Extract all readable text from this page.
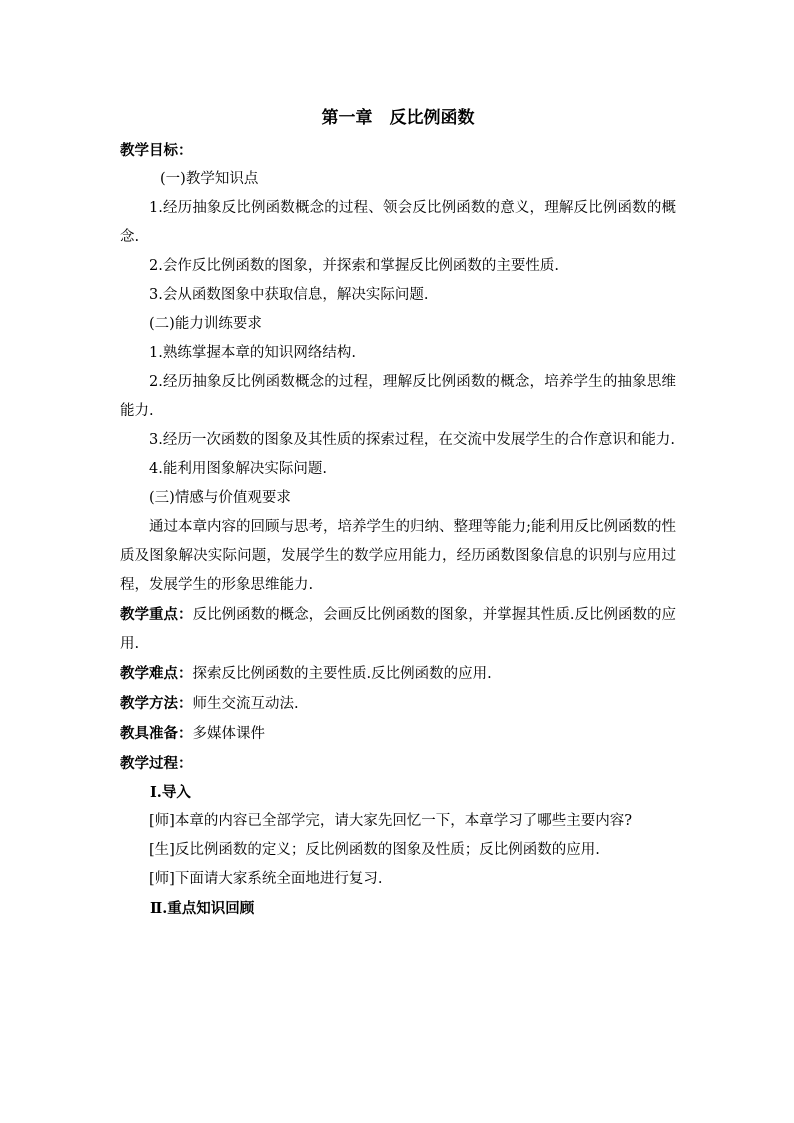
第一章　反比例函数

教学目标：

(一)教学知识点

1.经历抽象反比例函数概念的过程、领会反比例函数的意义，理解反比例函数的概念.

2.会作反比例函数的图象，并探索和掌握反比例函数的主要性质.

3.会从函数图象中获取信息，解决实际问题.

(二)能力训练要求

1.熟练掌握本章的知识网络结构.

2.经历抽象反比例函数概念的过程，理解反比例函数的概念，培养学生的抽象思维能力.

3.经历一次函数的图象及其性质的探索过程，在交流中发展学生的合作意识和能力.

4.能利用图象解决实际问题.

(三)情感与价值观要求

通过本章内容的回顾与思考，培养学生的归纳、整理等能力;能利用反比例函数的性质及图象解决实际问题，发展学生的数学应用能力，经历函数图象信息的识别与应用过程，发展学生的形象思维能力.

教学重点：反比例函数的概念，会画反比例函数的图象，并掌握其性质.反比例函数的应用.

教学难点：探索反比例函数的主要性质.反比例函数的应用.

教学方法：师生交流互动法.

教具准备：多媒体课件

教学过程：

Ⅰ.导入

[师]本章的内容已全部学完，请大家先回忆一下，本章学习了哪些主要内容?

[生]反比例函数的定义；反比例函数的图象及性质；反比例函数的应用.

[师]下面请大家系统全面地进行复习.

Ⅱ.重点知识回顾
